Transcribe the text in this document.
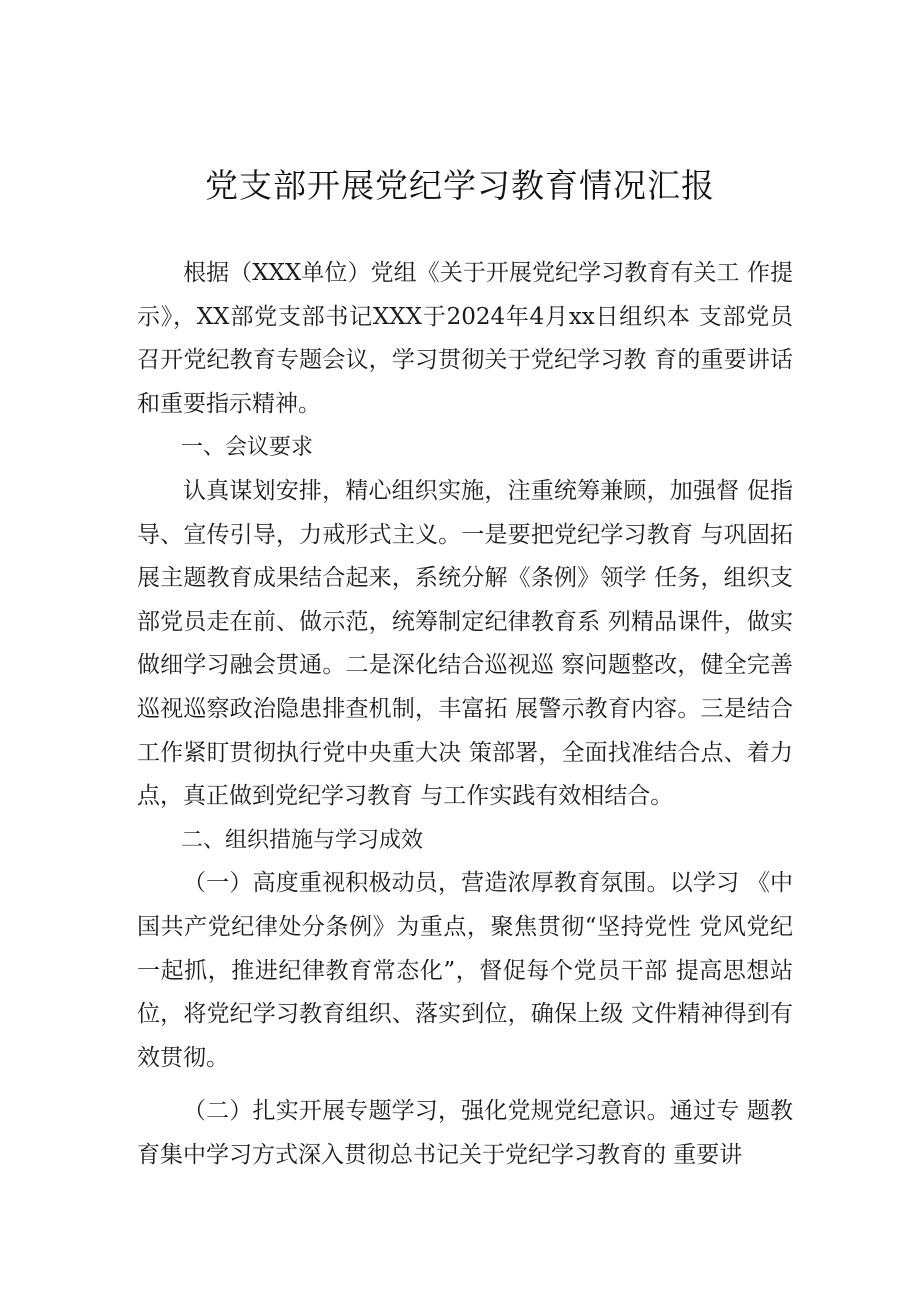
党支部开展党纪学习教育情况汇报

根据（XXX单位）党组《关于开展党纪学习教育有关工 作提示》，XX部党支部书记XXX于2024年4月xx日组织本 支部党员召开党纪教育专题会议，学习贯彻关于党纪学习教 育的重要讲话和重要指示精神。

一、会议要求

认真谋划安排，精心组织实施，注重统筹兼顾，加强督 促指导、宣传引导，力戒形式主义。一是要把党纪学习教育 与巩固拓展主题教育成果结合起来，系统分解《条例》领学 任务，组织支部党员走在前、做示范，统筹制定纪律教育系 列精品课件，做实做细学习融会贯通。二是深化结合巡视巡 察问题整改，健全完善巡视巡察政治隐患排查机制，丰富拓 展警示教育内容。三是结合工作紧盯贯彻执行党中央重大决 策部署，全面找准结合点、着力点，真正做到党纪学习教育 与工作实践有效相结合。

二、组织措施与学习成效

（一）高度重视积极动员，营造浓厚教育氛围。以学习 《中国共产党纪律处分条例》为重点，聚焦贯彻“坚持党性 党风党纪一起抓，推进纪律教育常态化”，督促每个党员干部 提高思想站位，将党纪学习教育组织、落实到位，确保上级 文件精神得到有效贯彻。

（二）扎实开展专题学习，强化党规党纪意识。通过专 题教育集中学习方式深入贯彻总书记关于党纪学习教育的 重要讲
